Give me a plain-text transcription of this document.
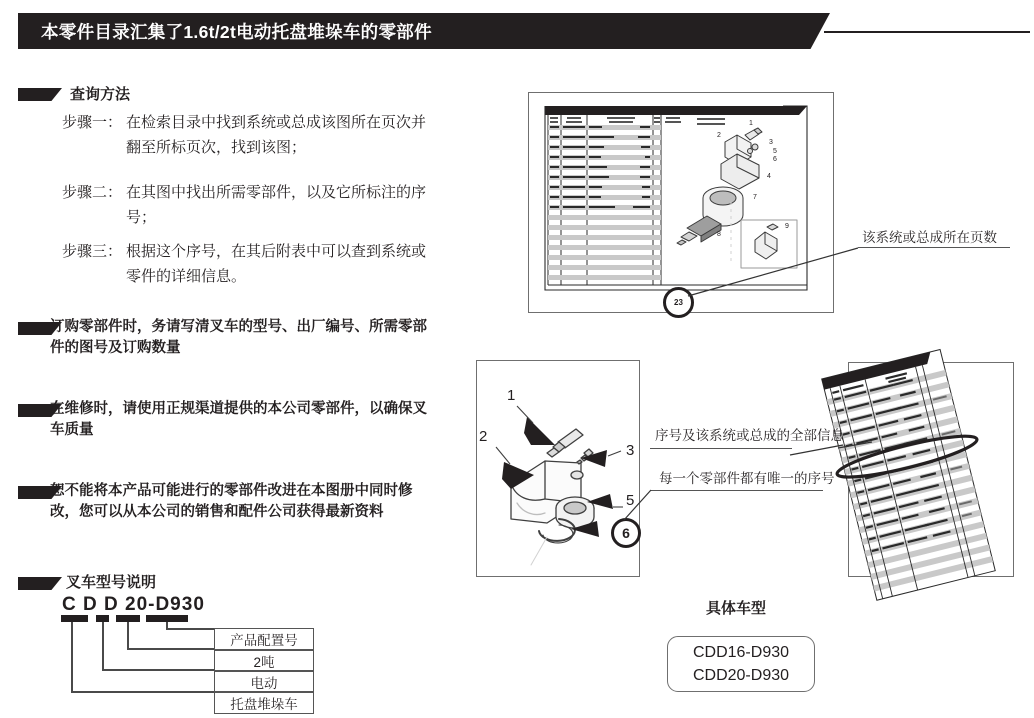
本零件目录汇集了1.6t/2t电动托盘堆垛车的零部件
查询方法
步骤一： 在检索目录中找到系统或总成该图所在页次并翻至所标页次，找到该图；
步骤二： 在其图中找出所需零部件，以及它所标注的序号；
步骤三： 根据这个序号，在其后附表中可以查到系统或零件的详细信息。
订购零部件时，务请写清叉车的型号、出厂编号、所需零部件的图号及订购数量
在维修时，请使用正规渠道提供的本公司零部件，以确保叉车质量
恕不能将本产品可能进行的零部件改进在本图册中同时修改，您可以从本公司的销售和配件公司获得最新资料
叉车型号说明
C D D 20-D930
产品配置号
2吨
电动
托盘堆垛车
1
2
3
5
6
4
7
8
9
23
该系统或总成所在页数
1
2
3
5
6
序号及该系统或总成的全部信息
每一个零部件都有唯一的序号
具体车型
CDD16-D930
CDD20-D930
